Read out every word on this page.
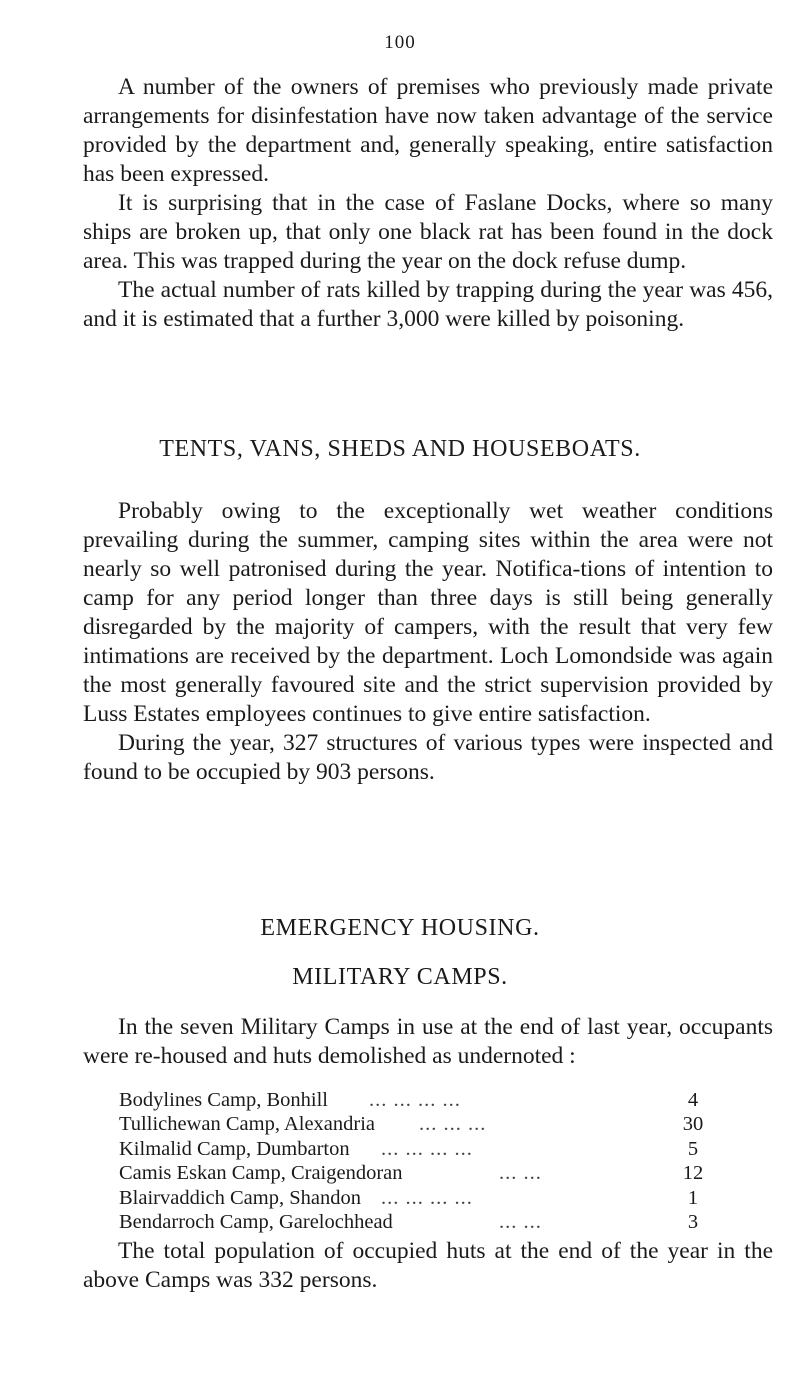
100

A number of the owners of premises who previously made private arrangements for disinfestation have now taken advantage of the service provided by the department and, generally speaking, entire satisfaction has been expressed.

It is surprising that in the case of Faslane Docks, where so many ships are broken up, that only one black rat has been found in the dock area. This was trapped during the year on the dock refuse dump.

The actual number of rats killed by trapping during the year was 456, and it is estimated that a further 3,000 were killed by poisoning.

TENTS, VANS, SHEDS AND HOUSEBOATS.

Probably owing to the exceptionally wet weather conditions prevailing during the summer, camping sites within the area were not nearly so well patronised during the year. Notifica-tions of intention to camp for any period longer than three days is still being generally disregarded by the majority of campers, with the result that very few intimations are received by the department. Loch Lomondside was again the most generally favoured site and the strict supervision provided by Luss Estates employees continues to give entire satisfaction.

During the year, 327 structures of various types were inspected and found to be occupied by 903 persons.

EMERGENCY HOUSING.
MILITARY CAMPS.

In the seven Military Camps in use at the end of last year, occupants were re-housed and huts demolished as undernoted :

Bodylines Camp, Bonhill ... ... ... ...	4
Tullichewan Camp, Alexandria ... ... ...	30
Kilmalid Camp, Dumbarton ... ... ... ...	5
Camis Eskan Camp, Craigendoran	... ...	12
Blairvaddich Camp, Shandon ... ... ... ...	1
Bendarroch Camp, Garelochhead	... ...	3

The total population of occupied huts at the end of the year in the above Camps was 332 persons.
